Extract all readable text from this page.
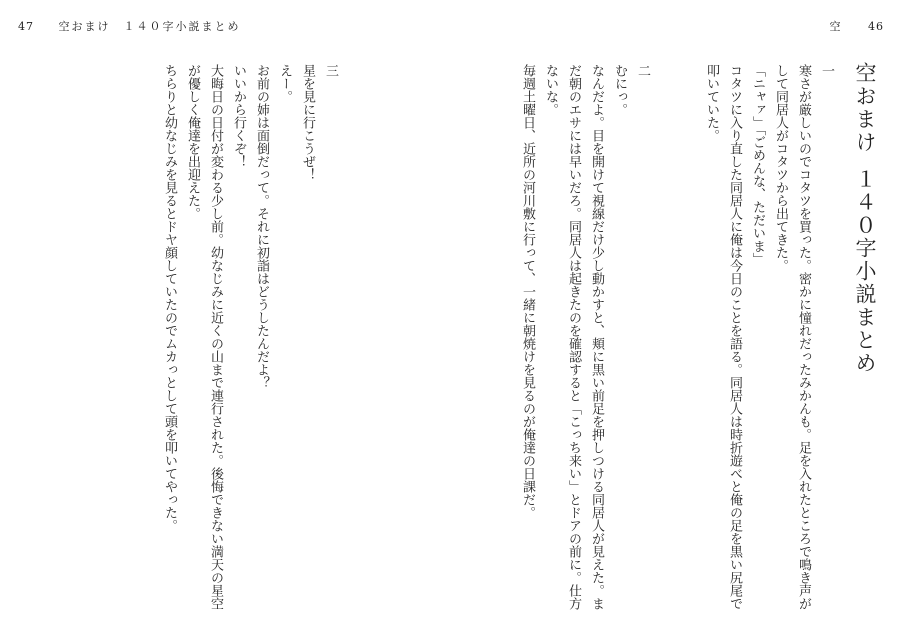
47 空おまけ　１４０字小説まとめ	空 46
空おまけ１４０字小説まとめ
一
寒さが厳しいのでコタツを買った。密かに憧れだったみかんも。足を入れたところで鳴き声が
して同居人がコタツから出てきた。
「ニャァ」「ごめんな、ただいま」
コタツに入り直した同居人に俺は今日のことを語る。同居人は時折遊べと俺の足を黒い尻尾で
叩いていた。
二
むにっ。
なんだよ。目を開けて視線だけ少し動かすと、頬に黒い前足を押しつける同居人が見えた。ま
だ朝のエサには早いだろ。同居人は起きたのを確認すると「こっち来い」とドアの前に。仕方
ないな。
毎週土曜日、近所の河川敷に行って、一緒に朝焼けを見るのが俺達の日課だ。
三
星を見に行こうぜ！
えー。
お前の姉は面倒だって。それに初詣はどうしたんだよ？
いいから行くぞ！
大晦日の日付が変わる少し前。幼なじみに近くの山まで連行された。後悔できない満天の星空
が優しく俺達を出迎えた。
ちらりと幼なじみを見るとドヤ顔していたのでムカっとして頭を叩いてやった。
